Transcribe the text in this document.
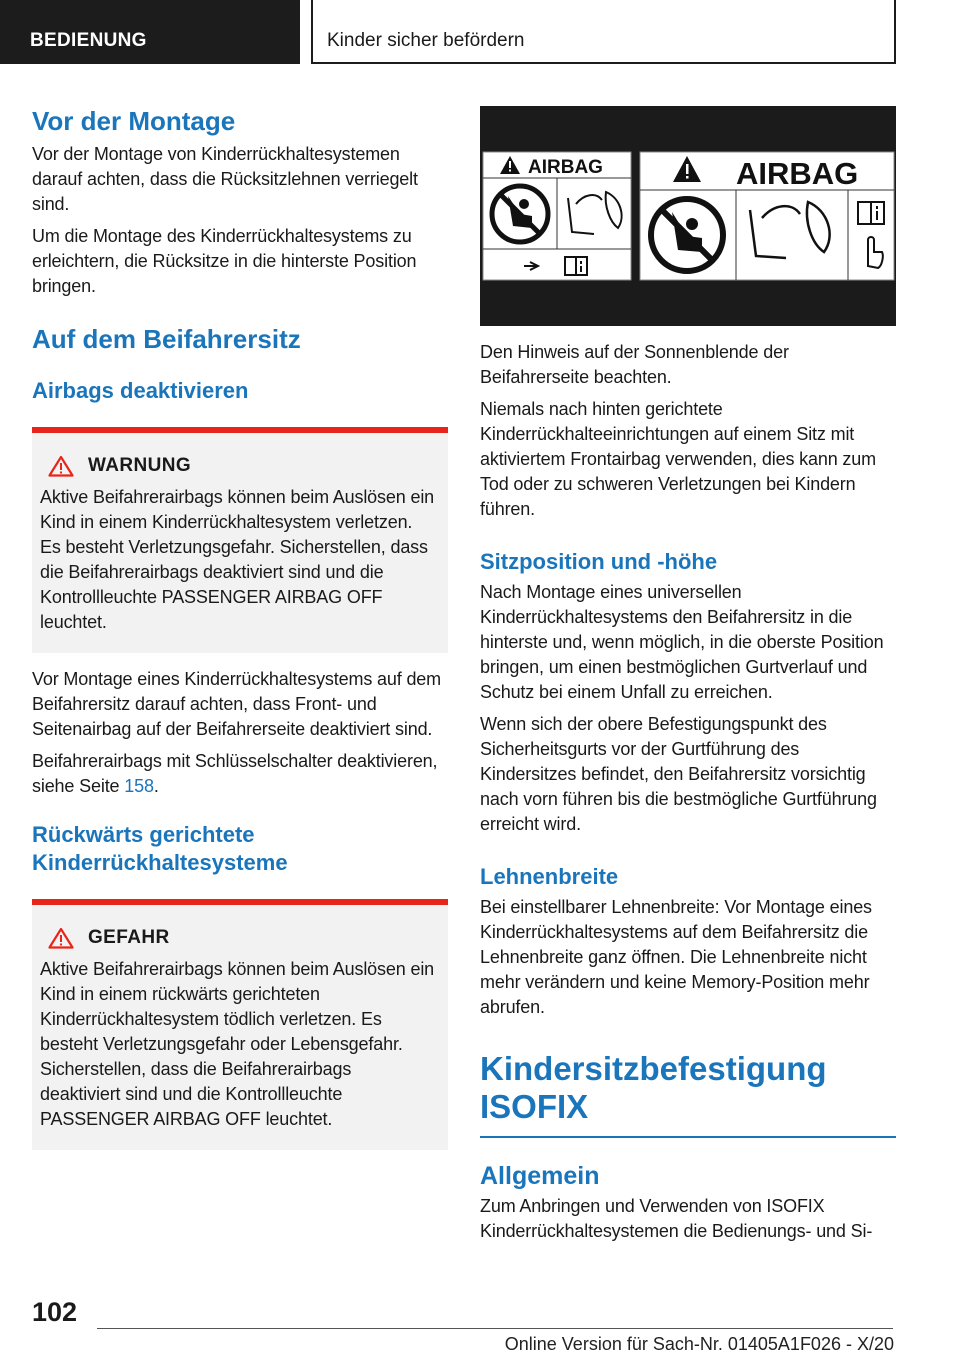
BEDIENUNG	Kinder sicher befördern
Vor der Montage

Vor der Montage von Kinderrückhaltesystemen darauf achten, dass die Rücksitzlehnen verriegelt sind.

Um die Montage des Kinderrückhaltesystems zu erleichtern, die Rücksitze in die hinterste Position bringen.

Auf dem Beifahrersitz
Airbags deaktivieren
WARNUNG

Aktive Beifahrerairbags können beim Auslösen ein Kind in einem Kinderrückhaltesystem verletzen. Es besteht Verletzungsgefahr. Sicherstellen, dass die Beifahrerairbags deaktiviert sind und die Kontrollleuchte PASSENGER AIRBAG OFF leuchtet.

Vor Montage eines Kinderrückhaltesystems auf dem Beifahrersitz darauf achten, dass Front- und Seitenairbag auf der Beifahrerseite deaktiviert sind.

Beifahrerairbags mit Schlüsselschalter deaktivieren, siehe Seite 158.

Rückwärts gerichtete Kinderrückhaltesysteme
GEFAHR

Aktive Beifahrerairbags können beim Auslösen ein Kind in einem rückwärts gerichteten Kinderrückhaltesystem tödlich verletzen. Es besteht Verletzungsgefahr oder Lebensgefahr. Sicherstellen, dass die Beifahrerairbags deaktiviert sind und die Kontrollleuchte PASSENGER AIRBAG OFF leuchtet.

AIRBAG	AIRBAG

Den Hinweis auf der Sonnenblende der Beifahrerseite beachten.

Niemals nach hinten gerichtete Kinderrückhalteeinrichtungen auf einem Sitz mit aktiviertem Frontairbag verwenden, dies kann zum Tod oder zu schweren Verletzungen bei Kindern führen.

Sitzposition und -höhe

Nach Montage eines universellen Kinderrückhaltesystems den Beifahrersitz in die hinterste und, wenn möglich, in die oberste Position bringen, um einen bestmöglichen Gurtverlauf und Schutz bei einem Unfall zu erreichen.

Wenn sich der obere Befestigungspunkt des Sicherheitsgurts vor der Gurtführung des Kindersitzes befindet, den Beifahrersitz vorsichtig nach vorn führen bis die bestmögliche Gurtführung erreicht wird.

Lehnenbreite

Bei einstellbarer Lehnenbreite: Vor Montage eines Kinderrückhaltesystems auf dem Beifahrersitz die Lehnenbreite ganz öffnen. Die Lehnenbreite nicht mehr verändern und keine Memory-Position mehr abrufen.

Kindersitzbefestigung ISOFIX
Allgemein

Zum Anbringen und Verwenden von ISOFIX Kinderrückhaltesystemen die Bedienungs- und Si-

102
Online Version für Sach-Nr. 01405A1F026 - X/20
